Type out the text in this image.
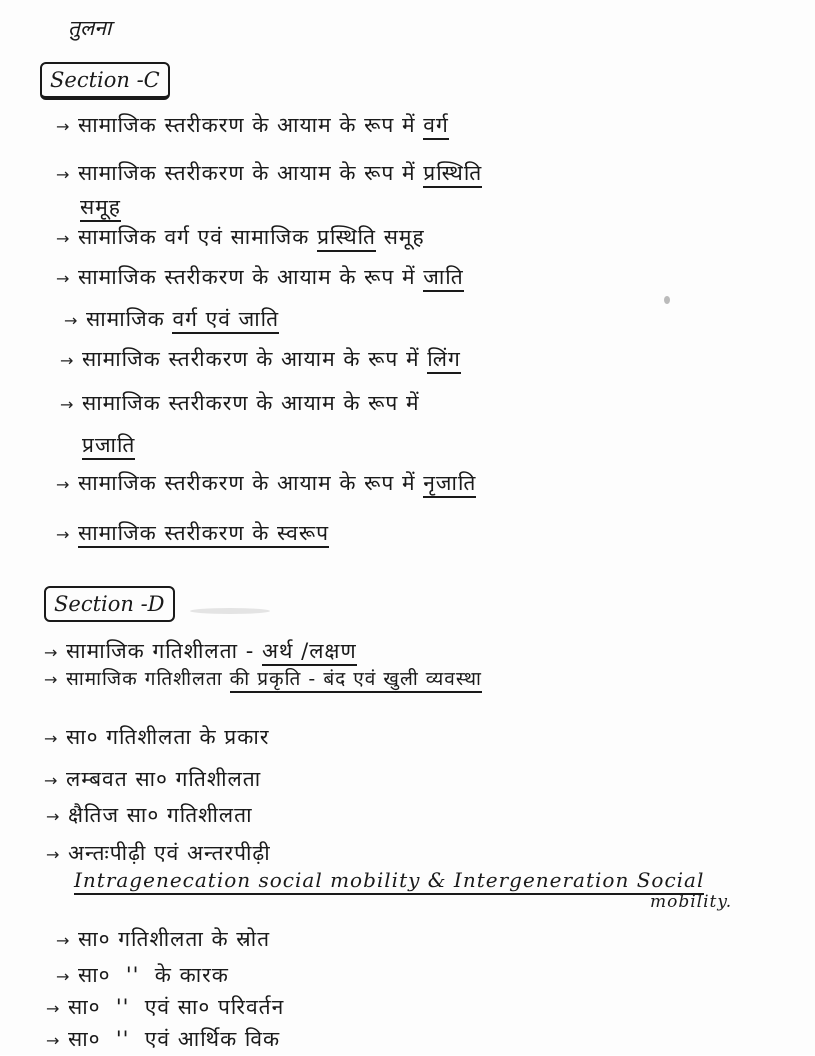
तुलना
Section -C
→ सामाजिक स्तरीकरण के आयाम के रूप में वर्ग
→ सामाजिक स्तरीकरण के आयाम के रूप में प्रस्थिति
समूह
→ सामाजिक वर्ग एवं सामाजिक प्रस्थिति समूह
→ सामाजिक स्तरीकरण के आयाम के रूप में जाति
→ सामाजिक वर्ग एवं जाति
→ सामाजिक स्तरीकरण के आयाम के रूप में लिंग
→ सामाजिक स्तरीकरण के आयाम के रूप में
प्रजाति
→ सामाजिक स्तरीकरण के आयाम के रूप में नृजाति
→ सामाजिक स्तरीकरण के स्वरूप
Section -D
→ सामाजिक गतिशीलता - अर्थ /लक्षण
→ सामाजिक गतिशीलता की प्रकृति - बंद एवं खुली व्यवस्था
→ सा० गतिशीलता के प्रकार
→ लम्बवत सा० गतिशीलता
→ क्षैतिज सा० गतिशीलता
→ अन्तःपीढ़ी एवं अन्तरपीढ़ी
Intragenecation social mobility & Intergeneration Social
mobility.
→ सा० गतिशीलता के स्रोत
→ सा०  ''  के कारक
→ सा०  ''  एवं सा० परिवर्तन
→ सा०  ''  एवं आर्थिक विक
